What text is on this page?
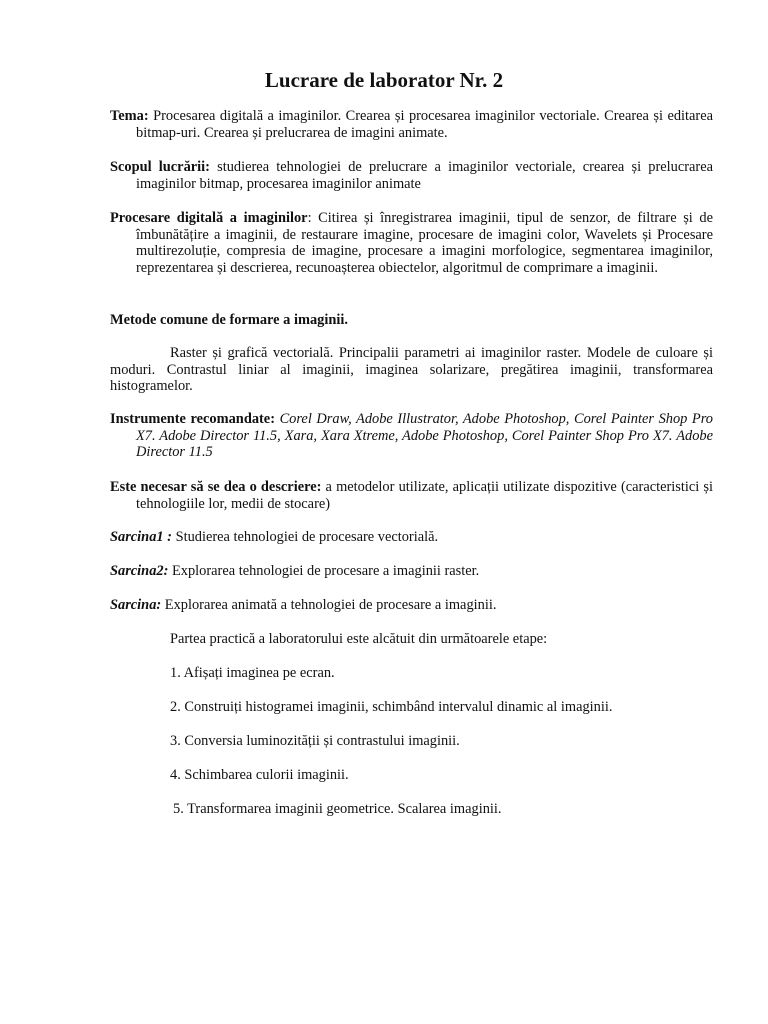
Lucrare de laborator Nr. 2
Tema: Procesarea digitală a imaginilor. Crearea și procesarea imaginilor vectoriale. Crearea și editarea bitmap-uri. Crearea și prelucrarea de imagini animate.
Scopul lucrării: studierea tehnologiei de prelucrare a imaginilor vectoriale, crearea și prelucrarea imaginilor bitmap, procesarea imaginilor animate
Procesare digitală a imaginilor: Citirea și înregistrarea imaginii, tipul de senzor, de filtrare și de îmbunătățire a imaginii, de restaurare imagine, procesare de imagini color, Wavelets și Procesare multirezoluție, compresia de imagine, procesare a imagini morfologice, segmentarea imaginilor, reprezentarea și descrierea, recunoașterea obiectelor, algoritmul de comprimare a imaginii.
Metode comune de formare a imaginii.
Raster și grafică vectorială. Principalii parametri ai imaginilor raster. Modele de culoare și moduri. Contrastul liniar al imaginii, imaginea solarizare, pregătirea imaginii, transformarea histogramelor.
Instrumente recomandate: Corel Draw, Adobe Illustrator, Adobe Photoshop, Corel Painter Shop Pro X7. Adobe Director 11.5, Xara, Xara Xtreme, Adobe Photoshop, Corel Painter Shop Pro X7. Adobe Director 11.5
Este necesar să se dea o descriere: a metodelor utilizate, aplicații utilizate dispozitive (caracteristici și tehnologiile lor, medii de stocare)
Sarcina1 : Studierea tehnologiei de procesare vectorială.
Sarcina2: Explorarea tehnologiei de procesare a imaginii raster.
Sarcina: Explorarea animată a tehnologiei de procesare a imaginii.
Partea practică a laboratorului este alcătuit din următoarele etape:
1. Afișați imaginea pe ecran.
2. Construiți histogramei imaginii, schimbând intervalul dinamic al imaginii.
3. Conversia luminozității și contrastului imaginii.
4. Schimbarea culorii imaginii.
5. Transformarea imaginii geometrice. Scalarea imaginii.
